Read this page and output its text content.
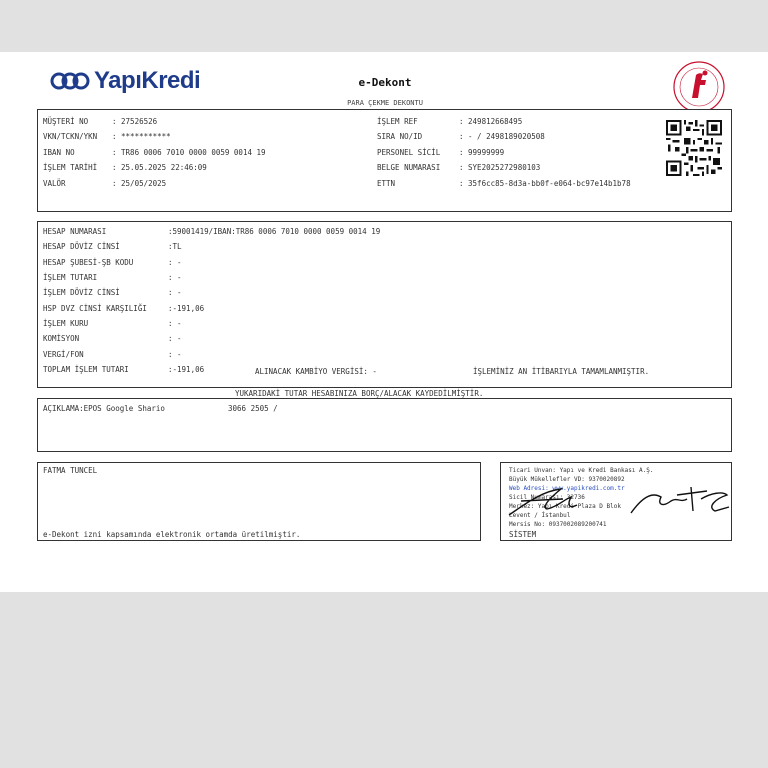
YapıKredi	e-Dekont
PARA ÇEKME DEKONTU
MÜŞTERİ NO	: 27526526
VKN/TCKN/YKN : ***********
IBAN NO	: TR86 0006 7010 0000 0059 0014 19
İŞLEM TARİHİ : 25.05.2025 22:46:09
VALÖR	: 25/05/2025
İŞLEM REF	: 249812668495
SIRA NO/ID	: - / 2498189020508
PERSONEL SİCİL	: 99999999
BELGE NUMARASI	: SYE2025272980103
ETTN	: 35f6cc85-8d3a-bb0f-e064-bc97e14b1b78
HESAP NUMARASI	:59001419/IBAN:TR86 0006 7010 0000 0059 0014 19
HESAP DÖVİZ CİNSİ	:TL
HESAP ŞUBESİ-ŞB KODU	: -
İŞLEM TUTARI	: -
İŞLEM DÖVİZ CİNSİ	: -
HSP DVZ CİNSİ KARŞILIĞI	:-191,06
İŞLEM KURU	: -
KOMİSYON	: -
VERGİ/FON	: -
TOPLAM İŞLEM TUTARI	:-191,06	ALINACAK KAMBİYO VERGİSİ: -	İŞLEMİNİZ AN İTİBARIYLA TAMAMLANMIŞTIR.
YUKARIDAKİ TUTAR HESABINIZA BORÇ/ALACAK KAYDEDİLMİŞTİR.
AÇIKLAMA:EPOS Google Shario	3066 2505 /
FATMA TUNCEL
e-Dekont izni kapsamında elektronik ortamda üretilmiştir.
Ticari Unvan: Yapı ve Kredi Bankası A.Ş.
Büyük Mükellefler VD: 9370020892
Web Adresi: www.yapikredi.com.tr
Sicil Numarası: 32736
Merkez: Yapı Kredi Plaza D Blok
Levent / İstanbul
Mersis No: 0937002089200741
SİSTEM
